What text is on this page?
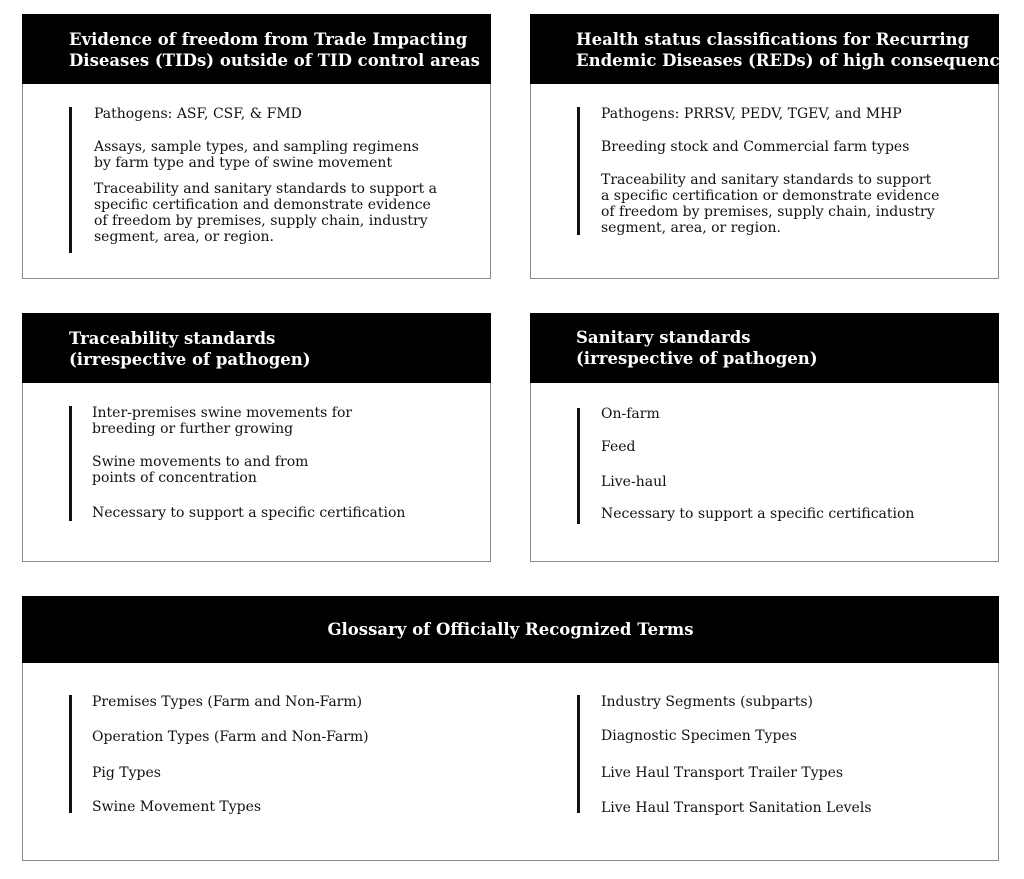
Evidence of freedom from Trade Impacting
Diseases (TIDs) outside of TID control areas
Pathogens: ASF, CSF, & FMD
Assays, sample types, and sampling regimens
by farm type and type of swine movement
Traceability and sanitary standards to support a
specific certification and demonstrate evidence
of freedom by premises, supply chain, industry
segment, area, or region.
Health status classifications for Recurring
Endemic Diseases (REDs) of high consequence
Pathogens: PRRSV, PEDV, TGEV, and MHP
Breeding stock and Commercial farm types
Traceability and sanitary standards to support
a specific certification or demonstrate evidence
of freedom by premises, supply chain, industry
segment, area, or region.
Traceability standards
(irrespective of pathogen)
Inter-premises swine movements for
breeding or further growing
Swine movements to and from
points of concentration
Necessary to support a specific certification
Sanitary standards
(irrespective of pathogen)
On-farm
Feed
Live-haul
Necessary to support a specific certification
Glossary of Officially Recognized Terms
Premises Types (Farm and Non-Farm)
Operation Types (Farm and Non-Farm)
Pig Types
Swine Movement Types
Industry Segments (subparts)
Diagnostic Specimen Types
Live Haul Transport Trailer Types
Live Haul Transport Sanitation Levels
